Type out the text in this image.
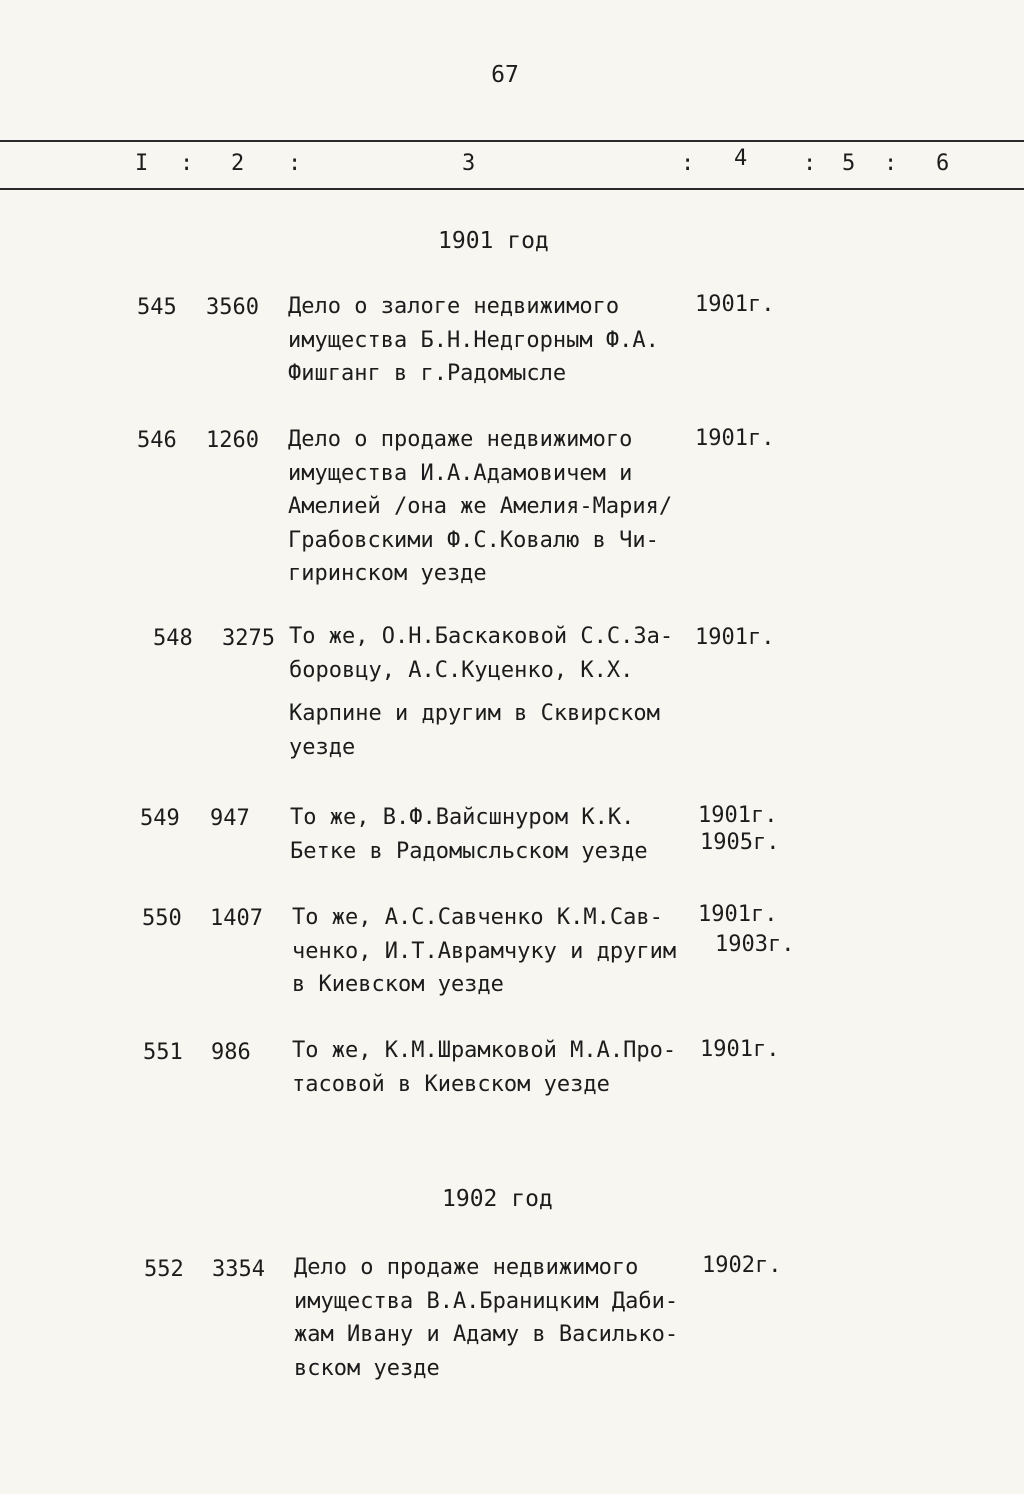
67
I : 2 :	3	: 4	: 5 : 6
1901 год
545 3560 Дело о залоге недвижимого
имущества Б.Н.Недгорным Ф.А.
Фишганг в г.Радомысле
1901г.
546 1260 Дело о продаже недвижимого
имущества И.А.Адамовичем и
Амелией /она же Амелия-Мария/
Грабовскими Ф.С.Ковалю в Чи-
гиринском уезде
1901г.
548 3275 То же, О.Н.Баскаковой С.С.За-
боровцу, А.С.Куценко, К.Х.
Карпине и другим в Сквирском
уезде
1901г.
549 947 То же, В.Ф.Вайсшнуром К.К.
Бетке в Радомысльском уезде
1901г.
1905г.
550 1407 То же, А.С.Савченко К.М.Сав-
ченко, И.Т.Аврамчуку и другим
в Киевском уезде
1901г.
1903г.
551 986 То же, К.М.Шрамковой М.А.Про-
тасовой в Киевском уезде
1901г.
1902 год
552 3354 Дело о продаже недвижимого
имущества В.А.Браницким Даби-
жам Ивану и Адаму в Василько-
вском уезде
1902г.
